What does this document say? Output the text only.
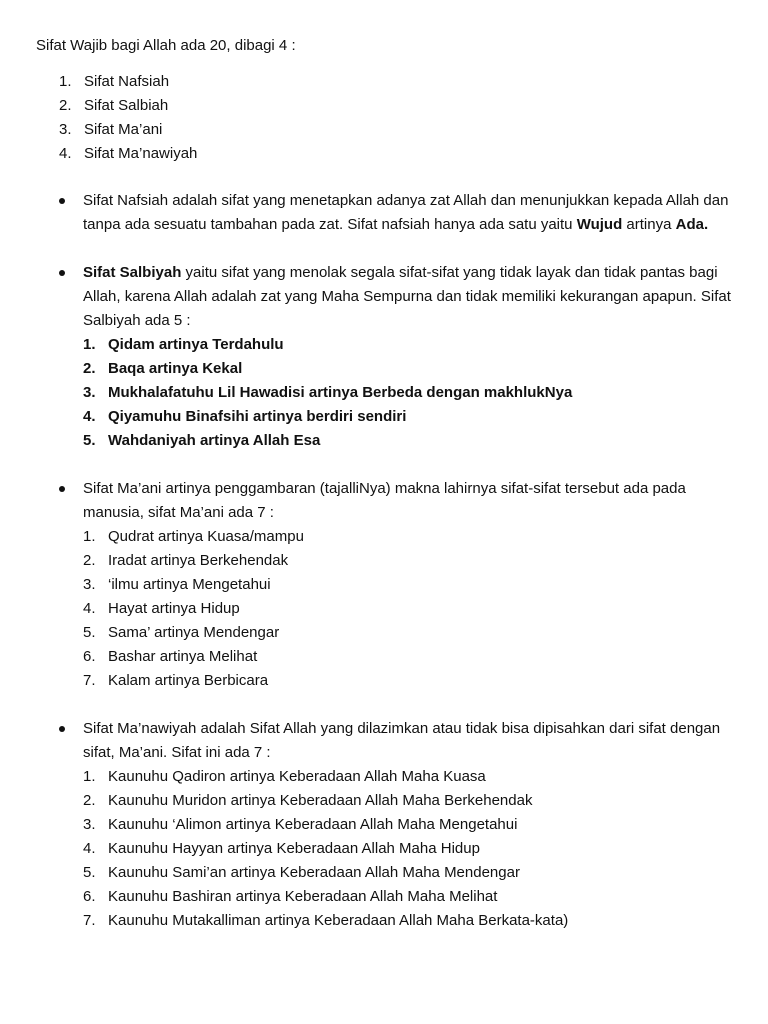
Sifat Wajib bagi Allah ada 20, dibagi 4 :

1. Sifat Nafsiah
2. Sifat Salbiah
3. Sifat Ma’ani
4. Sifat Ma’nawiyah

Sifat Nafsiah adalah sifat yang menetapkan adanya zat Allah dan menunjukkan kepada Allah dan tanpa ada sesuatu tambahan pada zat. Sifat nafsiah hanya ada satu yaitu Wujud artinya Ada.

Sifat Salbiyah yaitu sifat yang menolak segala sifat-sifat yang tidak layak dan tidak pantas bagi Allah, karena Allah adalah zat yang Maha Sempurna dan tidak memiliki kekurangan apapun. Sifat Salbiyah ada 5 :

1. Qidam artinya Terdahulu
2. Baqa artinya Kekal
3. Mukhalafatuhu Lil Hawadisi artinya Berbeda dengan makhlukNya
4. Qiyamuhu Binafsihi artinya berdiri sendiri
5. Wahdaniyah artinya Allah Esa

Sifat Ma’ani artinya penggambaran (tajalliNya) makna lahirnya sifat-sifat tersebut ada pada manusia, sifat Ma’ani ada 7 :

1. Qudrat artinya Kuasa/mampu
2. Iradat artinya Berkehendak
3. ‘ilmu artinya Mengetahui
4. Hayat artinya Hidup
5. Sama’ artinya Mendengar
6. Bashar artinya Melihat
7. Kalam artinya Berbicara

Sifat Ma’nawiyah adalah Sifat Allah yang dilazimkan atau tidak bisa dipisahkan dari sifat dengan sifat, Ma’ani. Sifat ini ada 7 :

1. Kaunuhu Qadiron artinya Keberadaan Allah Maha Kuasa
2. Kaunuhu Muridon artinya Keberadaan Allah Maha Berkehendak
3. Kaunuhu ‘Alimon artinya Keberadaan Allah Maha Mengetahui
4. Kaunuhu Hayyan artinya Keberadaan Allah Maha Hidup
5. Kaunuhu Sami’an artinya Keberadaan Allah Maha Mendengar
6. Kaunuhu Bashiran artinya Keberadaan Allah Maha Melihat
7. Kaunuhu Mutakalliman artinya Keberadaan Allah Maha Berkata-kata)
